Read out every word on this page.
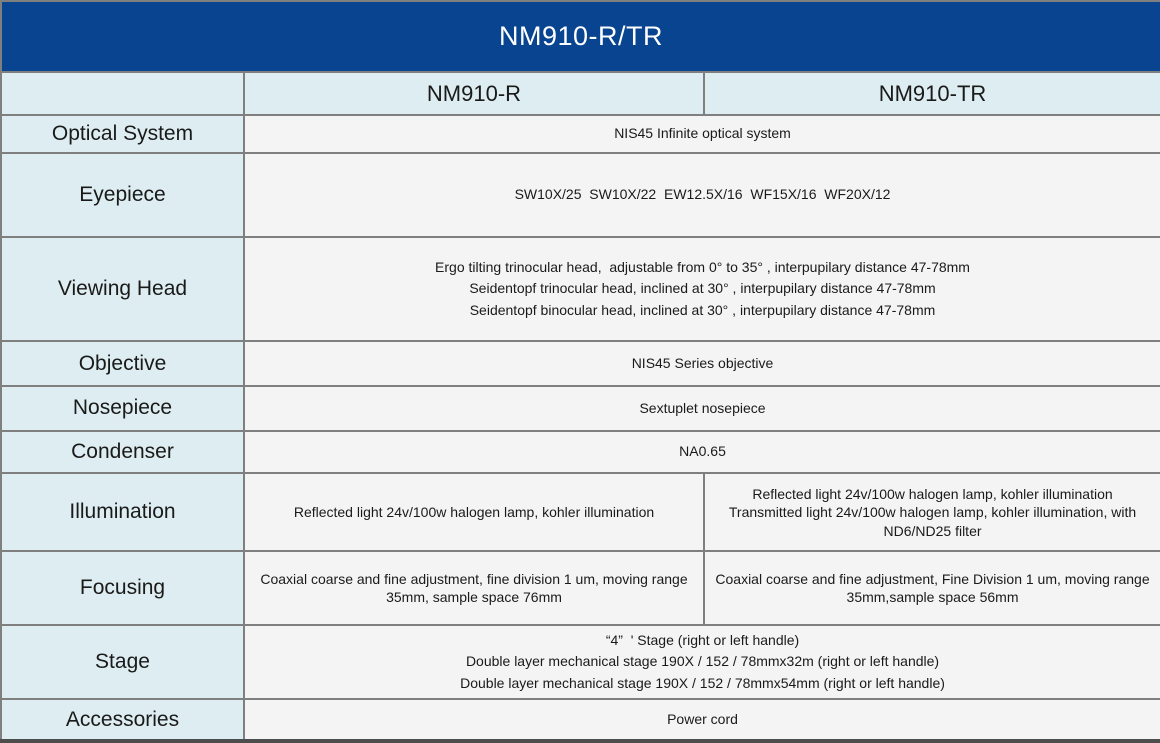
NM910-R/TR		
	NM910-R	NM910-TR
Optical System	NIS45 Infinite optical system	

Eyepiece	SW10X/25  SW10X/22  EW12.5X/16  WF15X/16  WF20X/12	

Viewing Head	Ergo tilting trinocular head,  adjustable from 0° to 35° , interpupilary distance 47-78mm
Seidentopf trinocular head, inclined at 30° , interpupilary distance 47-78mm
Seidentopf binocular head, inclined at 30° , interpupilary distance 47-78mm	

Objective	NIS45 Series objective	

Nosepiece	Sextuplet nosepiece	

Condenser	NA0.65	

Illumination	Reflected light 24v/100w halogen lamp, kohler illumination	Reflected light 24v/100w halogen lamp, kohler illumination
Transmitted light 24v/100w halogen lamp, kohler illumination, with ND6/ND25 filter

Focusing	Coaxial coarse and fine adjustment, fine division 1 um, moving range 35mm, sample space 76mm	Coaxial coarse and fine adjustment, Fine Division 1 um, moving range 35mm,sample space 56mm

Stage	“4”  ' Stage (right or left handle)
Double layer mechanical stage 190X / 152 / 78mmx32m (right or left handle)
Double layer mechanical stage 190X / 152 / 78mmx54mm (right or left handle)	

Accessories	Power cord	
